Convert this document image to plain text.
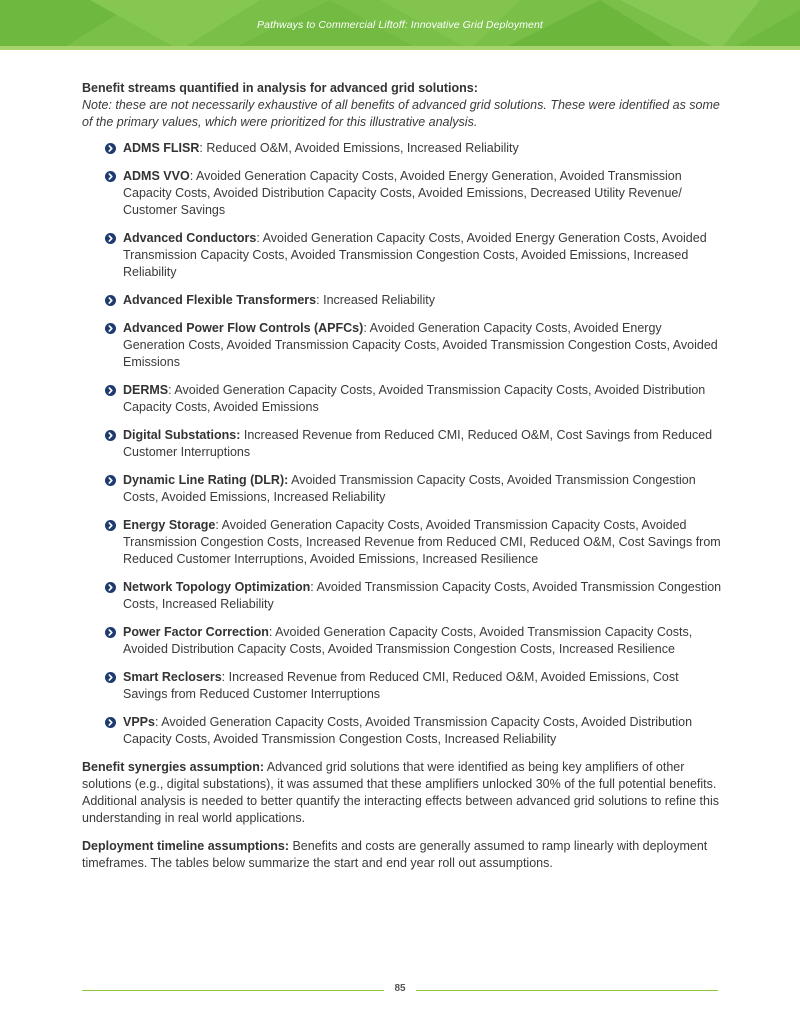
Pathways to Commercial Liftoff: Innovative Grid Deployment
Benefit streams quantified in analysis for advanced grid solutions:
Note: these are not necessarily exhaustive of all benefits of advanced grid solutions. These were identified as some of the primary values, which were prioritized for this illustrative analysis.
ADMS FLISR: Reduced O&M, Avoided Emissions, Increased Reliability
ADMS VVO: Avoided Generation Capacity Costs, Avoided Energy Generation, Avoided Transmission Capacity Costs, Avoided Distribution Capacity Costs, Avoided Emissions, Decreased Utility Revenue/ Customer Savings
Advanced Conductors: Avoided Generation Capacity Costs, Avoided Energy Generation Costs, Avoided Transmission Capacity Costs, Avoided Transmission Congestion Costs, Avoided Emissions, Increased Reliability
Advanced Flexible Transformers: Increased Reliability
Advanced Power Flow Controls (APFCs): Avoided Generation Capacity Costs, Avoided Energy Generation Costs, Avoided Transmission Capacity Costs, Avoided Transmission Congestion Costs, Avoided Emissions
DERMS: Avoided Generation Capacity Costs, Avoided Transmission Capacity Costs, Avoided Distribution Capacity Costs, Avoided Emissions
Digital Substations: Increased Revenue from Reduced CMI, Reduced O&M, Cost Savings from Reduced Customer Interruptions
Dynamic Line Rating (DLR): Avoided Transmission Capacity Costs, Avoided Transmission Congestion Costs, Avoided Emissions, Increased Reliability
Energy Storage: Avoided Generation Capacity Costs, Avoided Transmission Capacity Costs, Avoided Transmission Congestion Costs, Increased Revenue from Reduced CMI, Reduced O&M, Cost Savings from Reduced Customer Interruptions, Avoided Emissions, Increased Resilience
Network Topology Optimization: Avoided Transmission Capacity Costs, Avoided Transmission Congestion Costs, Increased Reliability
Power Factor Correction: Avoided Generation Capacity Costs, Avoided Transmission Capacity Costs, Avoided Distribution Capacity Costs, Avoided Transmission Congestion Costs, Increased Resilience
Smart Reclosers: Increased Revenue from Reduced CMI, Reduced O&M, Avoided Emissions, Cost Savings from Reduced Customer Interruptions
VPPs: Avoided Generation Capacity Costs, Avoided Transmission Capacity Costs, Avoided Distribution Capacity Costs, Avoided Transmission Congestion Costs, Increased Reliability

Benefit synergies assumption: Advanced grid solutions that were identified as being key amplifiers of other solutions (e.g., digital substations), it was assumed that these amplifiers unlocked 30% of the full potential benefits. Additional analysis is needed to better quantify the interacting effects between advanced grid solutions to refine this understanding in real world applications.

Deployment timeline assumptions: Benefits and costs are generally assumed to ramp linearly with deployment timeframes. The tables below summarize the start and end year roll out assumptions.

85
